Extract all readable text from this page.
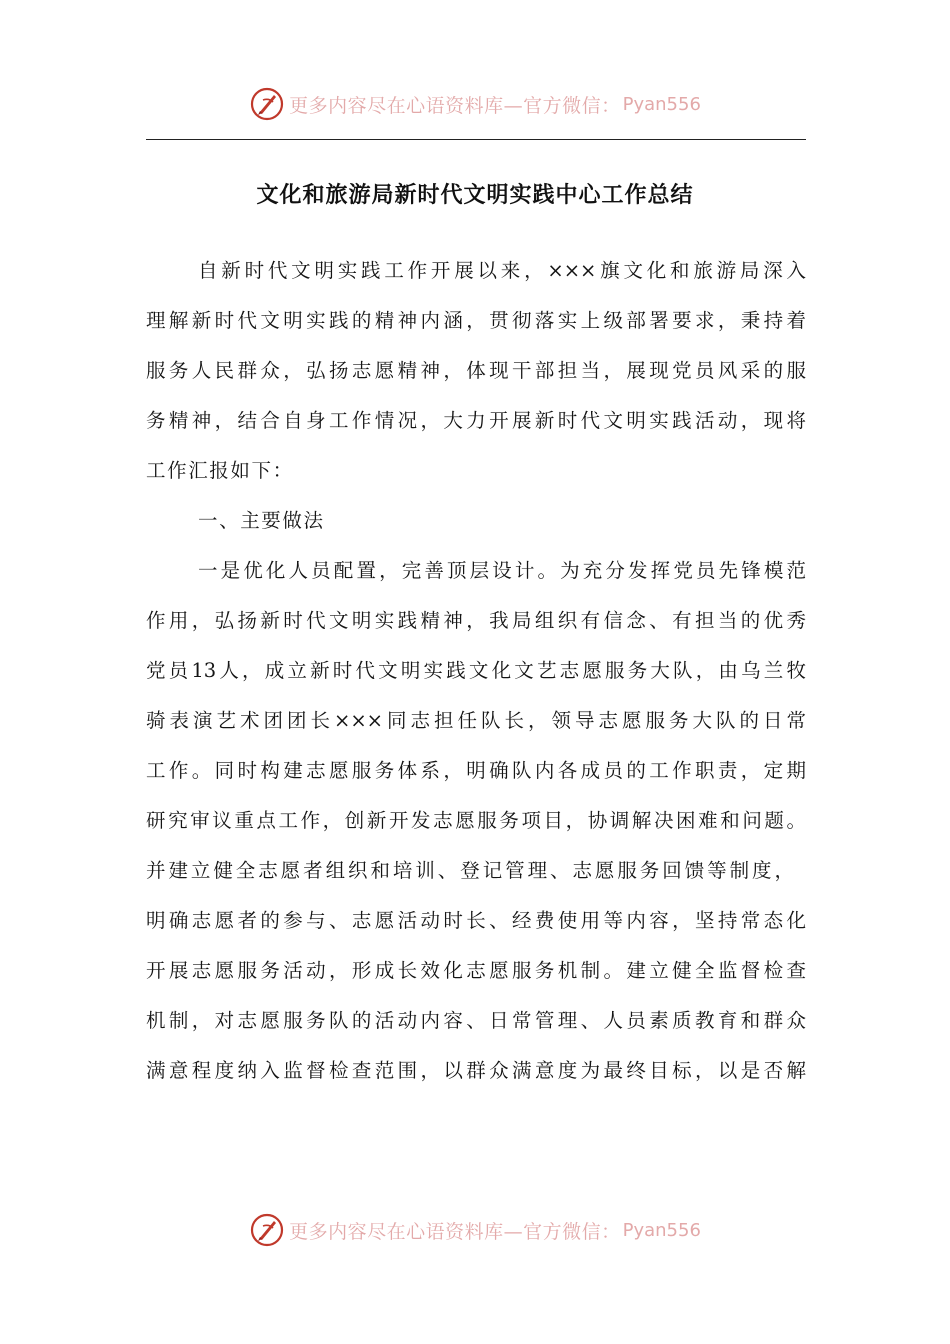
更多内容尽在心语资料库—官方微信： Pyan556
文化和旅游局新时代文明实践中心工作总结
自新时代文明实践工作开展以来，×××旗文化和旅游局深入
理解新时代文明实践的精神内涵，贯彻落实上级部署要求，秉持着
服务人民群众，弘扬志愿精神，体现干部担当，展现党员风采的服
务精神，结合自身工作情况，大力开展新时代文明实践活动，现将
工作汇报如下：
一、主要做法
一是优化人员配置，完善顶层设计。为充分发挥党员先锋模范
作用，弘扬新时代文明实践精神，我局组织有信念、有担当的优秀
党员13人，成立新时代文明实践文化文艺志愿服务大队，由乌兰牧
骑表演艺术团团长×××同志担任队长，领导志愿服务大队的日常
工作。同时构建志愿服务体系，明确队内各成员的工作职责，定期
研究审议重点工作，创新开发志愿服务项目，协调解决困难和问题。
并建立健全志愿者组织和培训、登记管理、志愿服务回馈等制度，
明确志愿者的参与、志愿活动时长、经费使用等内容，坚持常态化
开展志愿服务活动，形成长效化志愿服务机制。建立健全监督检查
机制，对志愿服务队的活动内容、日常管理、人员素质教育和群众
满意程度纳入监督检查范围，以群众满意度为最终目标，以是否解
更多内容尽在心语资料库—官方微信： Pyan556
